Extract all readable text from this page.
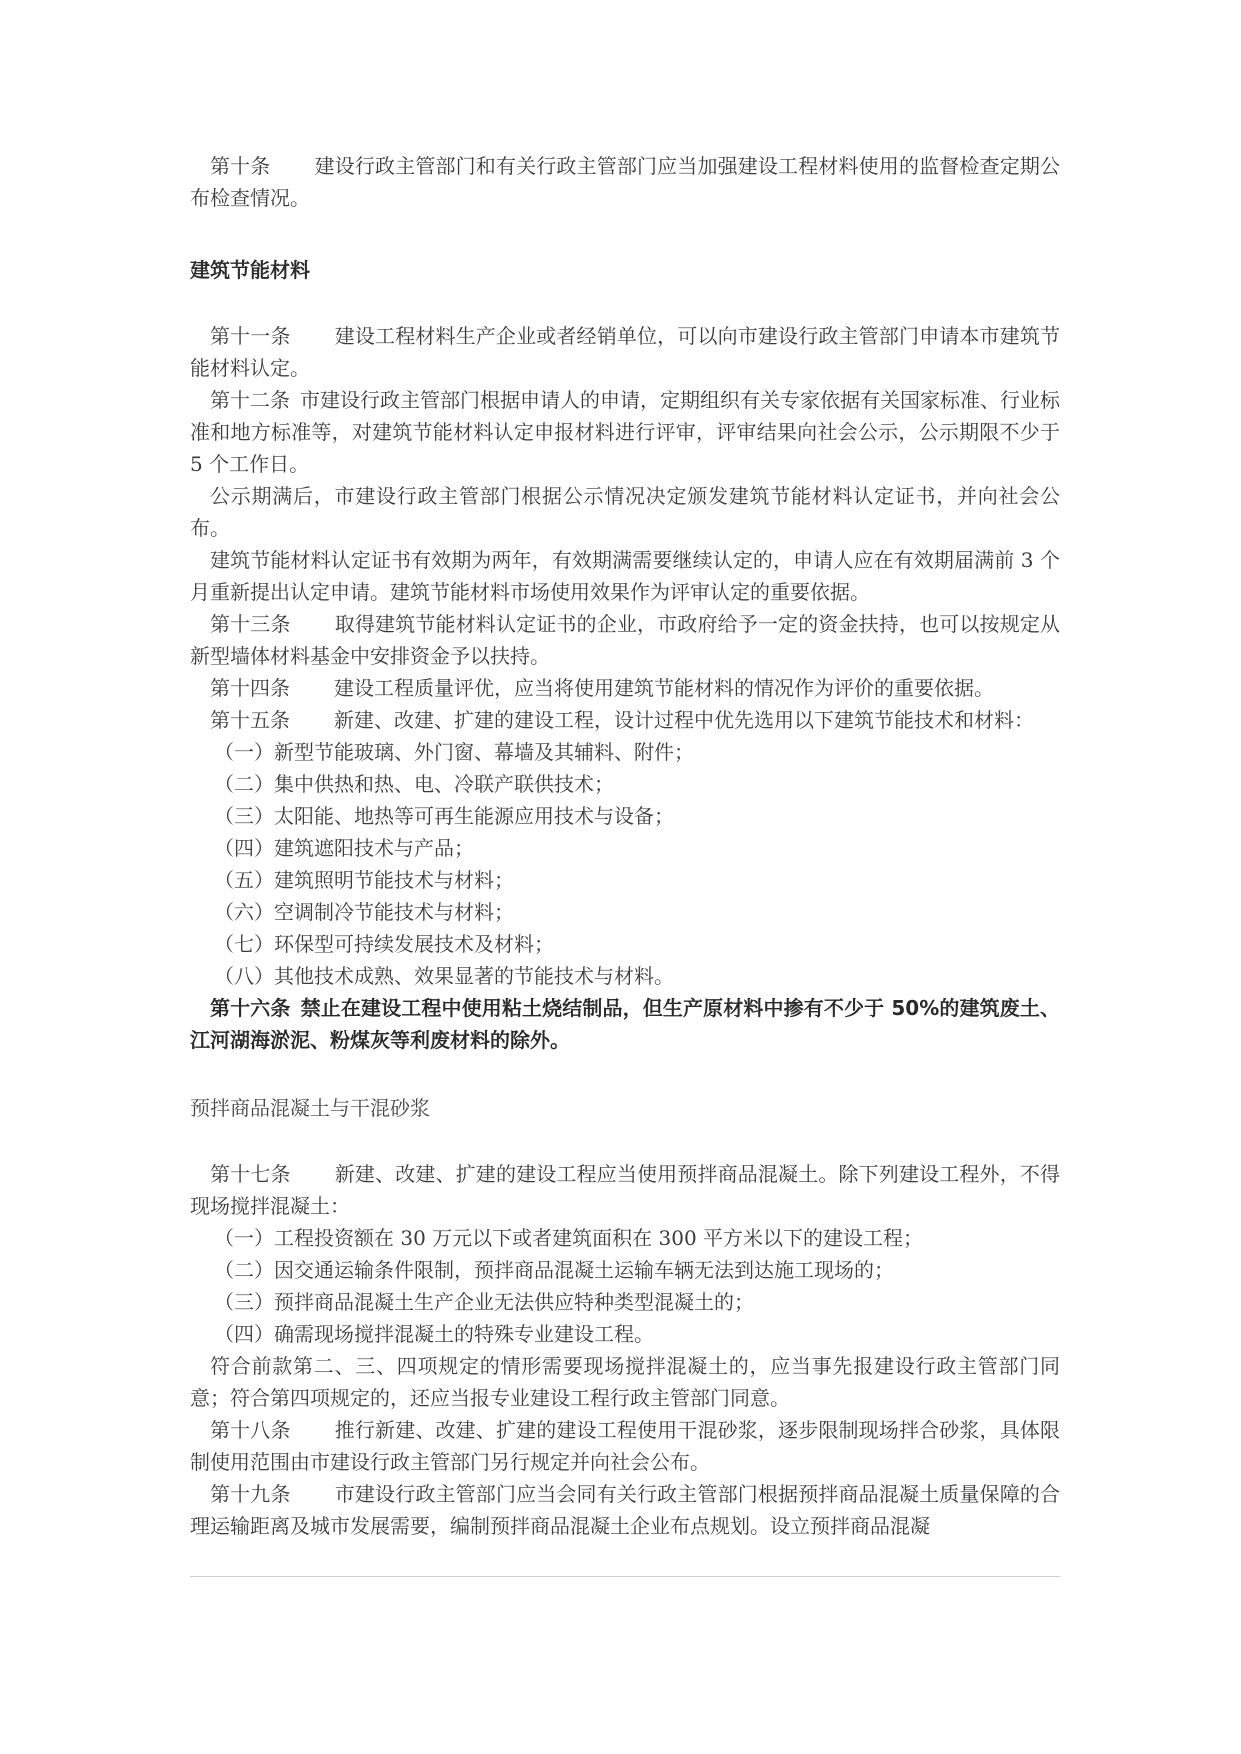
第十条 建设行政主管部门和有关行政主管部门应当加强建设工程材料使用的监督检查定期公布检查情况。

建筑节能材料

第十一条 建设工程材料生产企业或者经销单位，可以向市建设行政主管部门申请本市建筑节能材料认定。

第十二条 市建设行政主管部门根据申请人的申请，定期组织有关专家依据有关国家标准、行业标准和地方标准等，对建筑节能材料认定申报材料进行评审，评审结果向社会公示，公示期限不少于 5 个工作日。

公示期满后，市建设行政主管部门根据公示情况决定颁发建筑节能材料认定证书，并向社会公布。

建筑节能材料认定证书有效期为两年，有效期满需要继续认定的，申请人应在有效期届满前 3 个月重新提出认定申请。建筑节能材料市场使用效果作为评审认定的重要依据。

第十三条 取得建筑节能材料认定证书的企业，市政府给予一定的资金扶持，也可以按规定从新型墙体材料基金中安排资金予以扶持。

第十四条 建设工程质量评优，应当将使用建筑节能材料的情况作为评价的重要依据。

第十五条 新建、改建、扩建的建设工程，设计过程中优先选用以下建筑节能技术和材料：

（一）新型节能玻璃、外门窗、幕墙及其辅料、附件；

（二）集中供热和热、电、冷联产联供技术；

（三）太阳能、地热等可再生能源应用技术与设备；

（四）建筑遮阳技术与产品；

（五）建筑照明节能技术与材料；

（六）空调制冷节能技术与材料；

（七）环保型可持续发展技术及材料；

（八）其他技术成熟、效果显著的节能技术与材料。

第十六条 禁止在建设工程中使用粘土烧结制品，但生产原材料中掺有不少于 50%的建筑废土、江河湖海淤泥、粉煤灰等利废材料的除外。

预拌商品混凝土与干混砂浆

第十七条 新建、改建、扩建的建设工程应当使用预拌商品混凝土。除下列建设工程外，不得现场搅拌混凝土：

（一）工程投资额在 30 万元以下或者建筑面积在 300 平方米以下的建设工程；

（二）因交通运输条件限制，预拌商品混凝土运输车辆无法到达施工现场的；

（三）预拌商品混凝土生产企业无法供应特种类型混凝土的；

（四）确需现场搅拌混凝土的特殊专业建设工程。

符合前款第二、三、四项规定的情形需要现场搅拌混凝土的，应当事先报建设行政主管部门同意；符合第四项规定的，还应当报专业建设工程行政主管部门同意。

第十八条 推行新建、改建、扩建的建设工程使用干混砂浆，逐步限制现场拌合砂浆，具体限制使用范围由市建设行政主管部门另行规定并向社会公布。

第十九条 市建设行政主管部门应当会同有关行政主管部门根据预拌商品混凝土质量保障的合理运输距离及城市发展需要，编制预拌商品混凝土企业布点规划。设立预拌商品混凝
